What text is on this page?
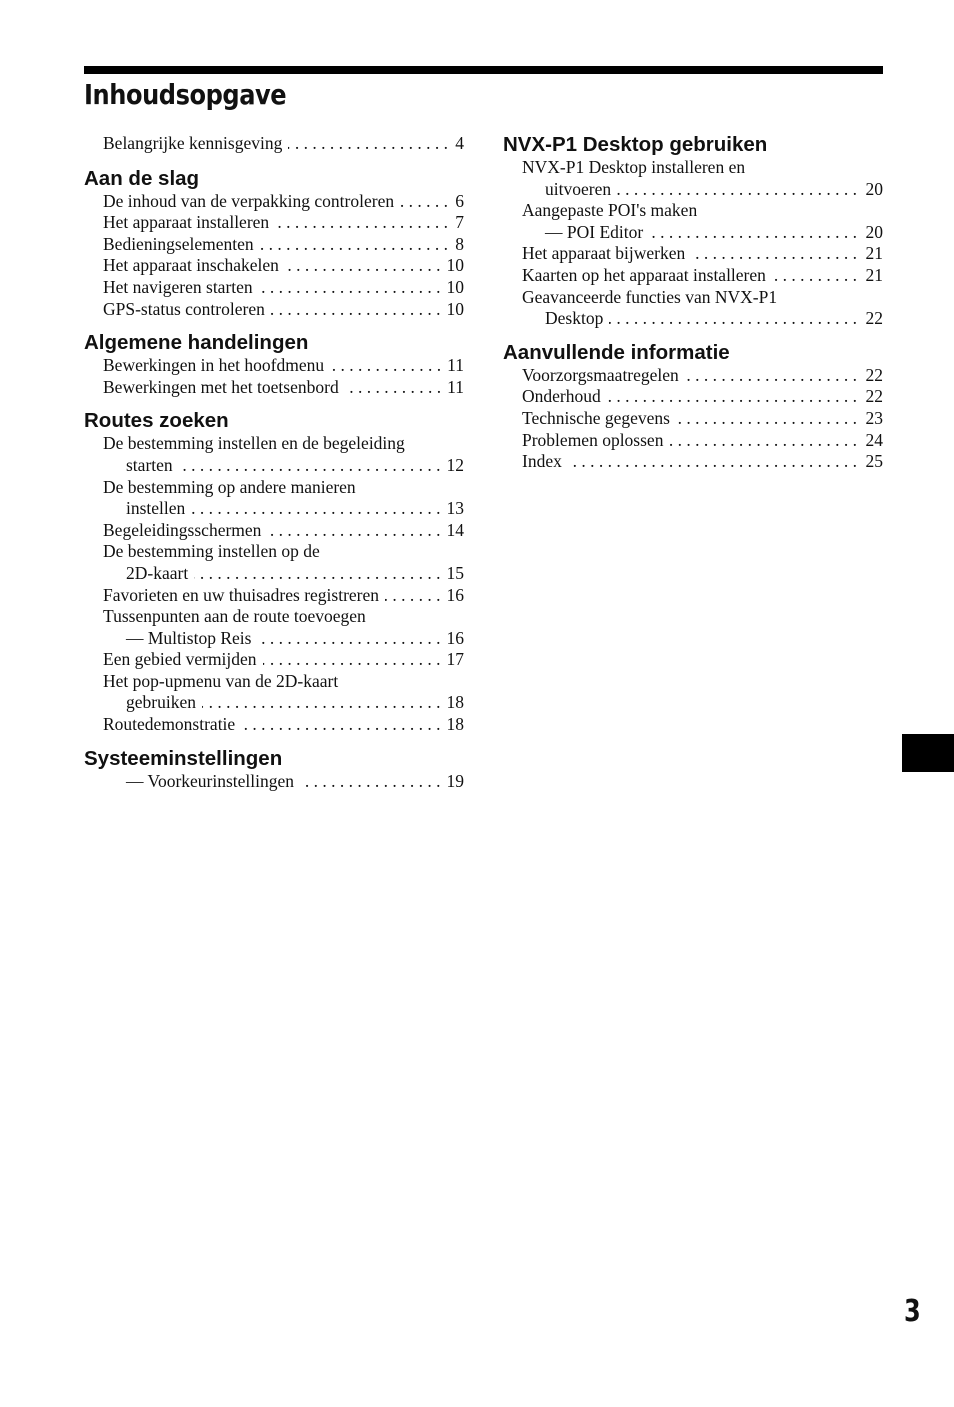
Inhoudsopgave
Belangrijke kennisgeving . . .	4
Aan de slag
De inhoud van de verpakking controleren . . .	6
Het apparaat installeren . . .	7
Bedieningselementen . . .	8
Het apparaat inschakelen . . .	10
Het navigeren starten . . .	10
GPS-status controleren . . .	10
Algemene handelingen
Bewerkingen in het hoofdmenu . . .	11
Bewerkingen met het toetsenbord . . .	11
Routes zoeken
De bestemming instellen en de begeleiding
starten . . .	12
De bestemming op andere manieren
instellen . . .	13
Begeleidingsschermen . . .	14
De bestemming instellen op de
2D-kaart . . .	15
Favorieten en uw thuisadres registreren . . .	16
Tussenpunten aan de route toevoegen
— Multistop Reis . . .	16
Een gebied vermijden . . .	17
Het pop-upmenu van de 2D-kaart
gebruiken . . .	18
Routedemonstratie . . .	18
Systeeminstellingen
— Voorkeurinstellingen . . .	19
NVX-P1 Desktop gebruiken
NVX-P1 Desktop installeren en
uitvoeren . . .	20
Aangepaste POI's maken
— POI Editor . . .	20
Het apparaat bijwerken . . .	21
Kaarten op het apparaat installeren . . .	21
Geavanceerde functies van NVX-P1
Desktop . . .	22
Aanvullende informatie
Voorzorgsmaatregelen . . .	22
Onderhoud . . .	22
Technische gegevens . . .	23
Problemen oplossen . . .	24
Index . . .	25
3
